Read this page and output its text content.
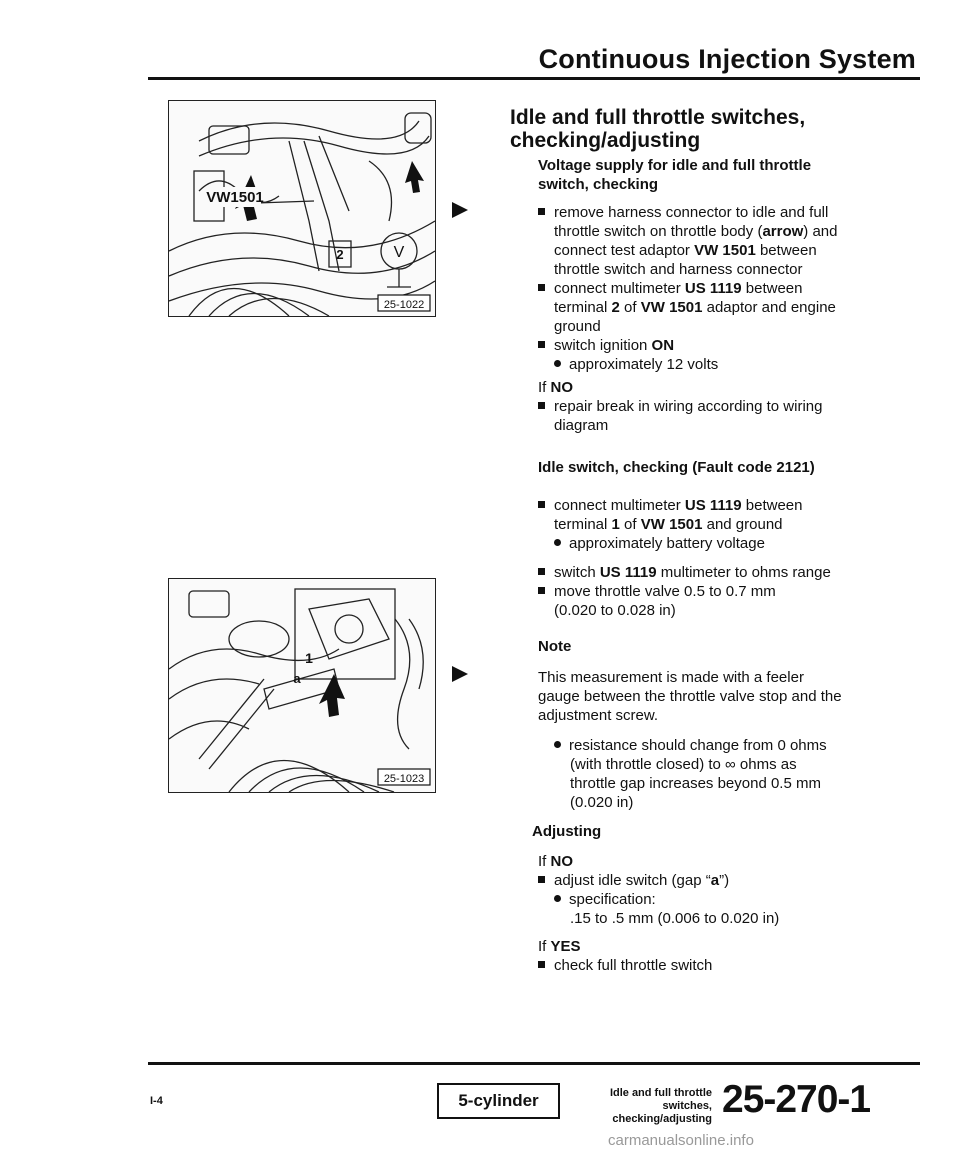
Continuous Injection System
VW1501
2	V
25-1022
1
a
25-1023
Idle and full throttle switches,
checking/adjusting
Voltage supply for idle and full throttle
switch, checking
remove harness connector to idle and full
throttle switch on throttle body (arrow) and
connect test adaptor VW 1501 between
throttle switch and harness connector
connect multimeter US 1119 between
terminal 2 of VW 1501 adaptor and engine
ground
switch ignition ON
approximately 12 volts
If NO
repair break in wiring according to wiring
diagram
Idle switch, checking (Fault code 2121)
connect multimeter US 1119 between
terminal 1 of VW 1501 and ground
approximately battery voltage
switch US 1119 multimeter to ohms range
move throttle valve 0.5 to 0.7 mm
(0.020 to 0.028 in)
Note
This measurement is made with a feeler
gauge between the throttle valve stop and the
adjustment screw.
resistance should change from 0 ohms
(with throttle closed) to ∞ ohms as
throttle gap increases beyond 0.5 mm
(0.020 in)
Adjusting
If NO
adjust idle switch (gap “a”)
specification:
.15 to .5 mm (0.006 to 0.020 in)
If YES
check full throttle switch
I-4	5-cylinder	Idle and full throttle switches,
checking/adjusting 25-270-1
carmanualsonline.info
